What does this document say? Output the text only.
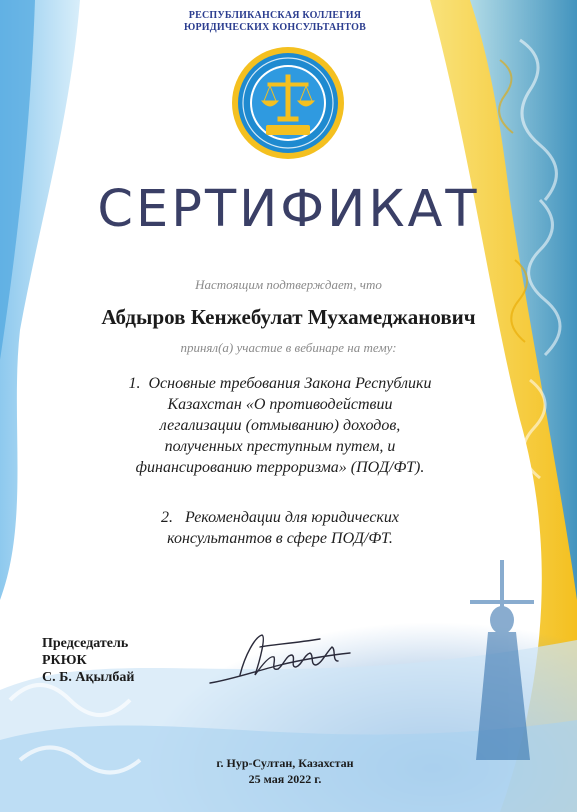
РЕСПУБЛИКАНСКАЯ КОЛЛЕГИЯ
ЮРИДИЧЕСКИХ КОНСУЛЬТАНТОВ
СЕРТИФИКАТ
Настоящим подтверждает, что
Абдыров Кенжебулат Мухамеджанович
принял(а) участие в вебинаре на тему:
1. Основные требования Закона Республики
Казахстан «О противодействии
легализации (отмыванию) доходов,
полученных преступным путем, и
финансированию терроризма» (ПОД/ФТ).
2. Рекомендации для юридических
консультантов в сфере ПОД/ФТ.
Председатель
РКЮК
С. Б. Ақылбай
г. Нур-Султан, Казахстан
25 мая 2022 г.
